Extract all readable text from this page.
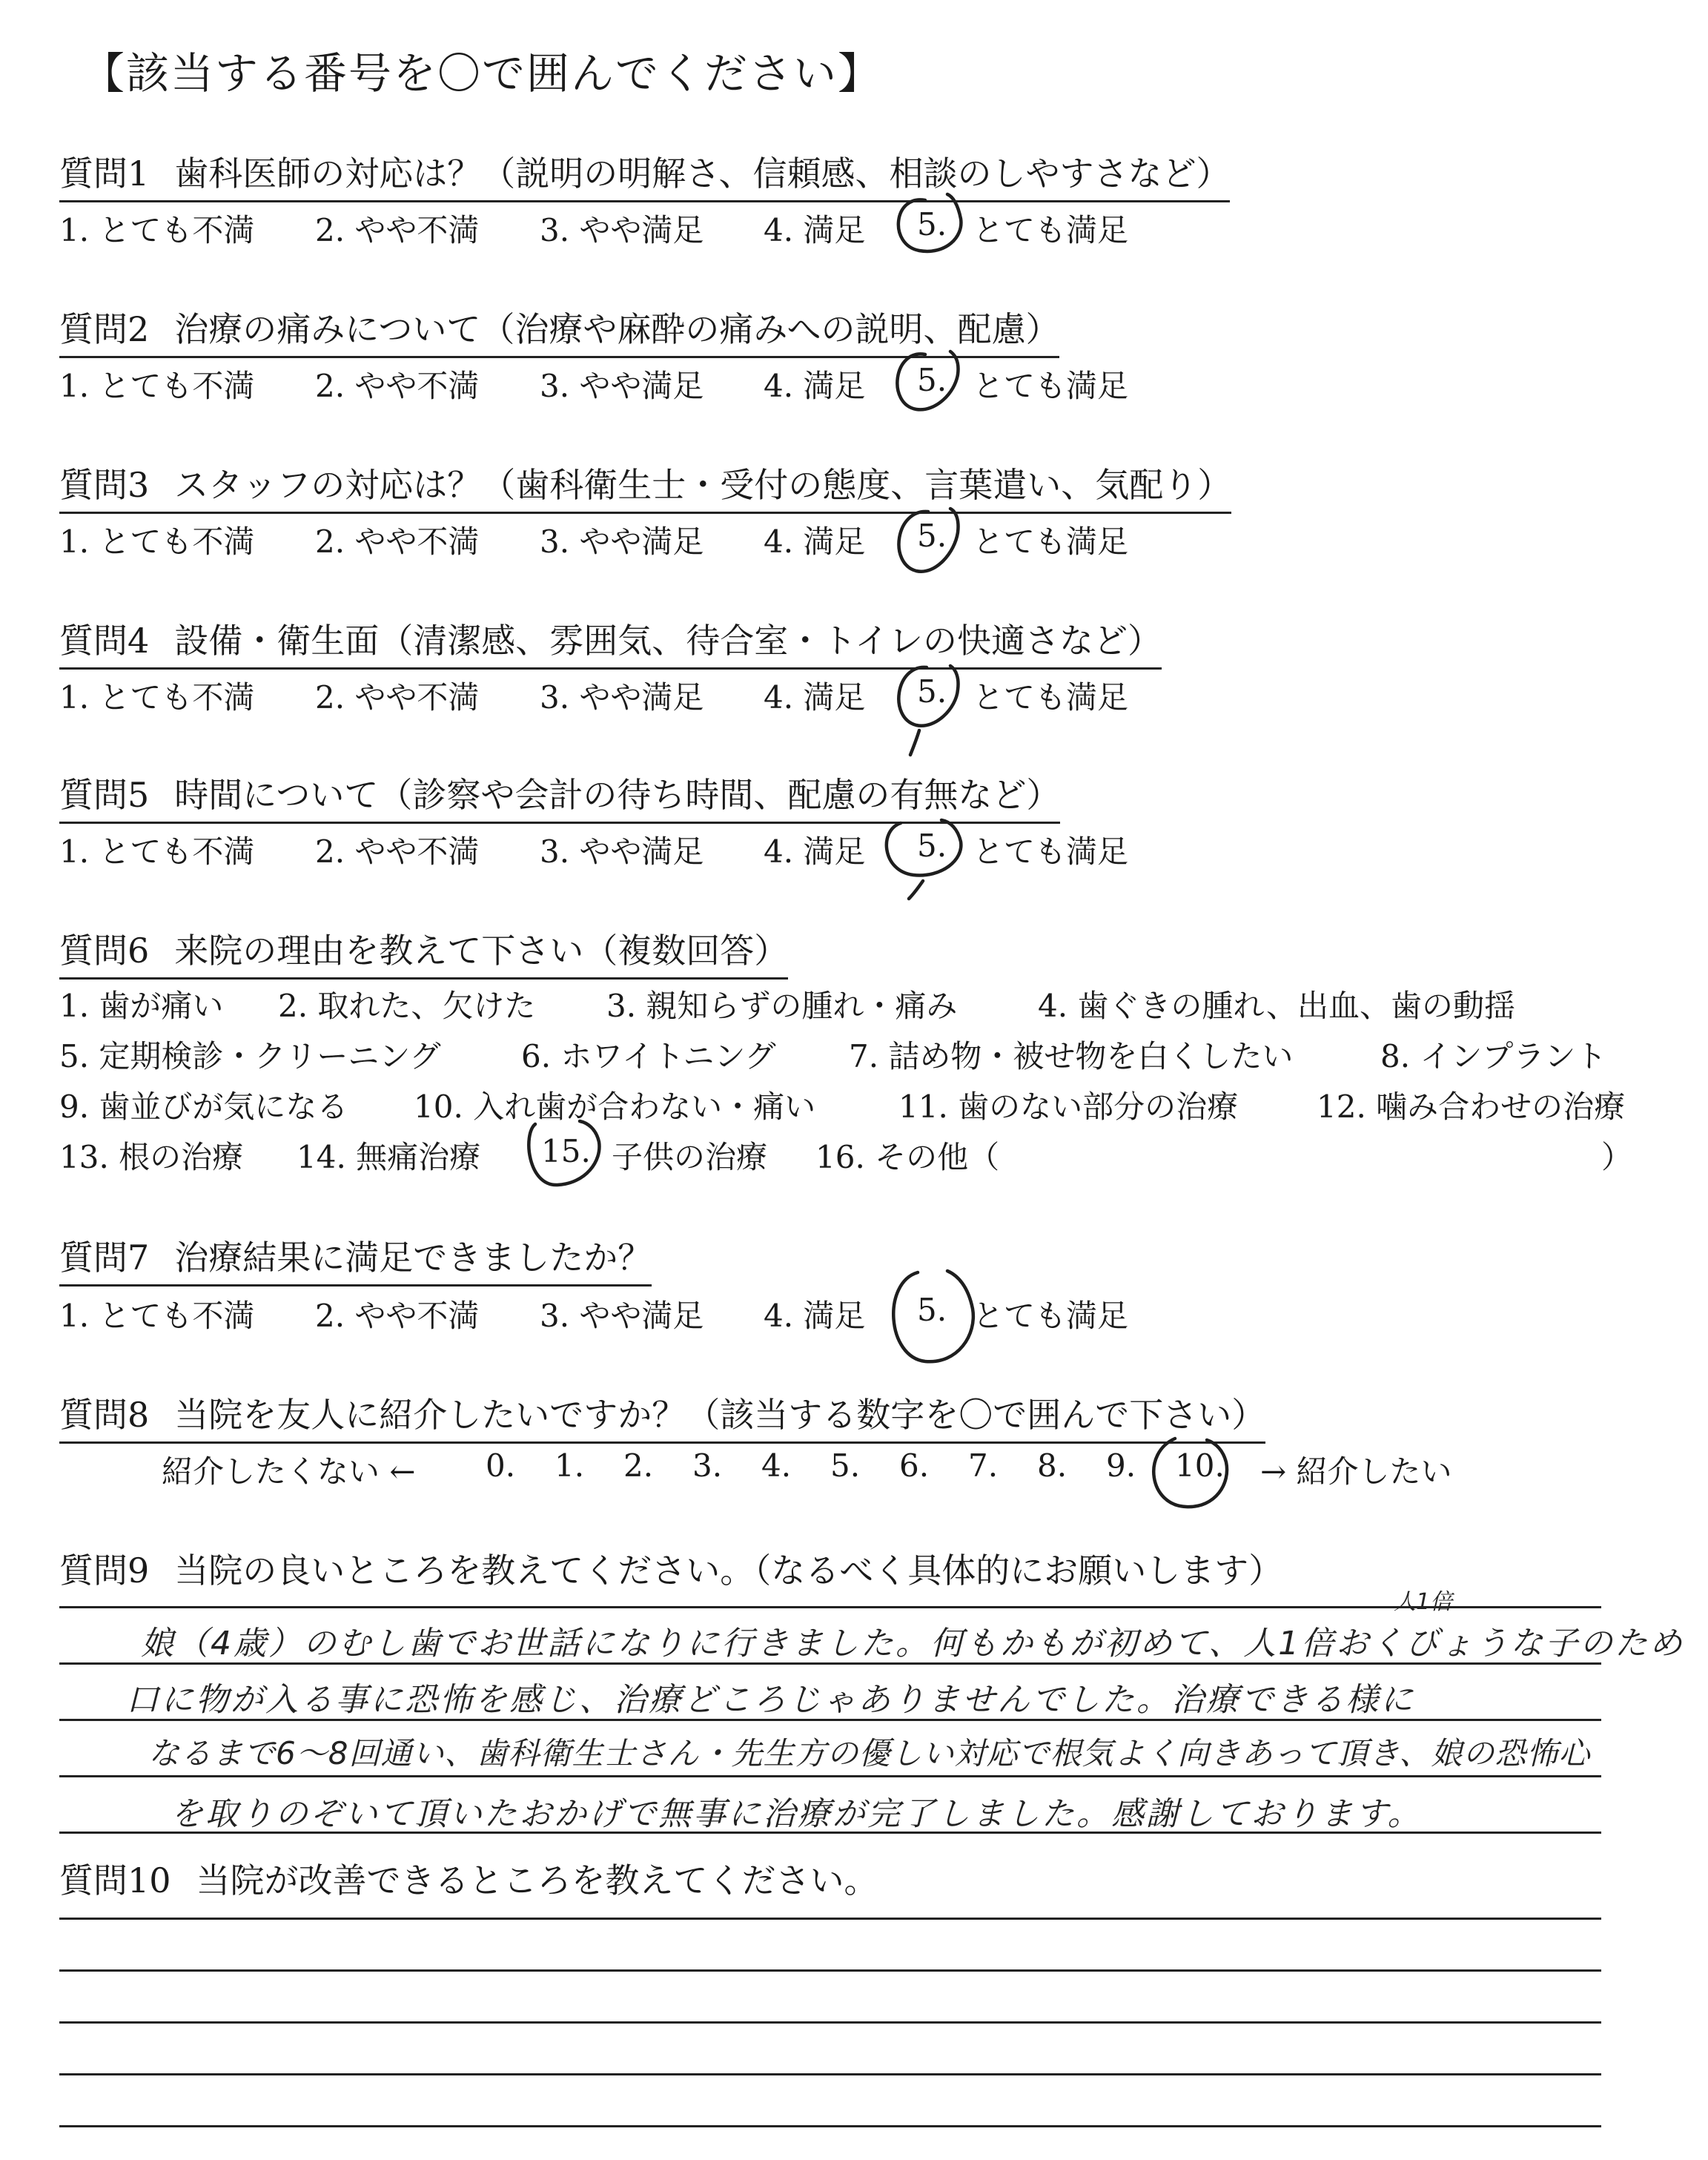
【該当する番号を〇で囲んでください】
質問1 歯科医師の対応は？（説明の明解さ、信頼感、相談のしやすさなど）
1. とても不満 2. やや不満 3. やや満足 4. 満足 5. とても満足
質問2 治療の痛みについて（治療や麻酔の痛みへの説明、配慮）
1. とても不満 2. やや不満 3. やや満足 4. 満足 5. とても満足
質問3 スタッフの対応は？（歯科衛生士・受付の態度、言葉遣い、気配り）
1. とても不満 2. やや不満 3. やや満足 4. 満足 5. とても満足
質問4 設備・衛生面（清潔感、雰囲気、待合室・トイレの快適さなど）
1. とても不満 2. やや不満 3. やや満足 4. 満足 5. とても満足
質問5 時間について（診察や会計の待ち時間、配慮の有無など）
1. とても不満 2. やや不満 3. やや満足 4. 満足 5. とても満足
質問6 来院の理由を教えて下さい（複数回答）
1. 歯が痛い 2. 取れた、欠けた 3. 親知らずの腫れ・痛み	4. 歯ぐきの腫れ、出血、歯の動揺
5. 定期検診・クリーニング	6. ホワイトニング 7. 詰め物・被せ物を白くしたい	8. インプラント
9. 歯並びが気になる 10. 入れ歯が合わない・痛い	11. 歯のない部分の治療	12. 噛み合わせの治療
13. 根の治療 14. 無痛治療 15. 子供の治療 16. その他（	）
質問7 治療結果に満足できましたか？
1. とても不満 2. やや不満 3. やや満足 4. 満足 5. とても満足
質問8 当院を友人に紹介したいですか？（該当する数字を〇で囲んで下さい）
紹介したくない ← 0. 1. 2. 3. 4. 5. 6. 7. 8. 9. 10. → 紹介したい
質問9 当院の良いところを教えてください。（なるべく具体的にお願いします）
娘（4歳）のむし歯でお世話になりに行きました。何もかもが初めて、人1倍おくびょうな子のため
人1倍
口に物が入る事に恐怖を感じ、治療どころじゃありませんでした。治療できる様に
なるまで6〜8回通い、歯科衛生士さん・先生方の優しい対応で根気よく向きあって頂き、娘の恐怖心
を取りのぞいて頂いたおかげで無事に治療が完了しました。感謝しております。
質問10 当院が改善できるところを教えてください。
